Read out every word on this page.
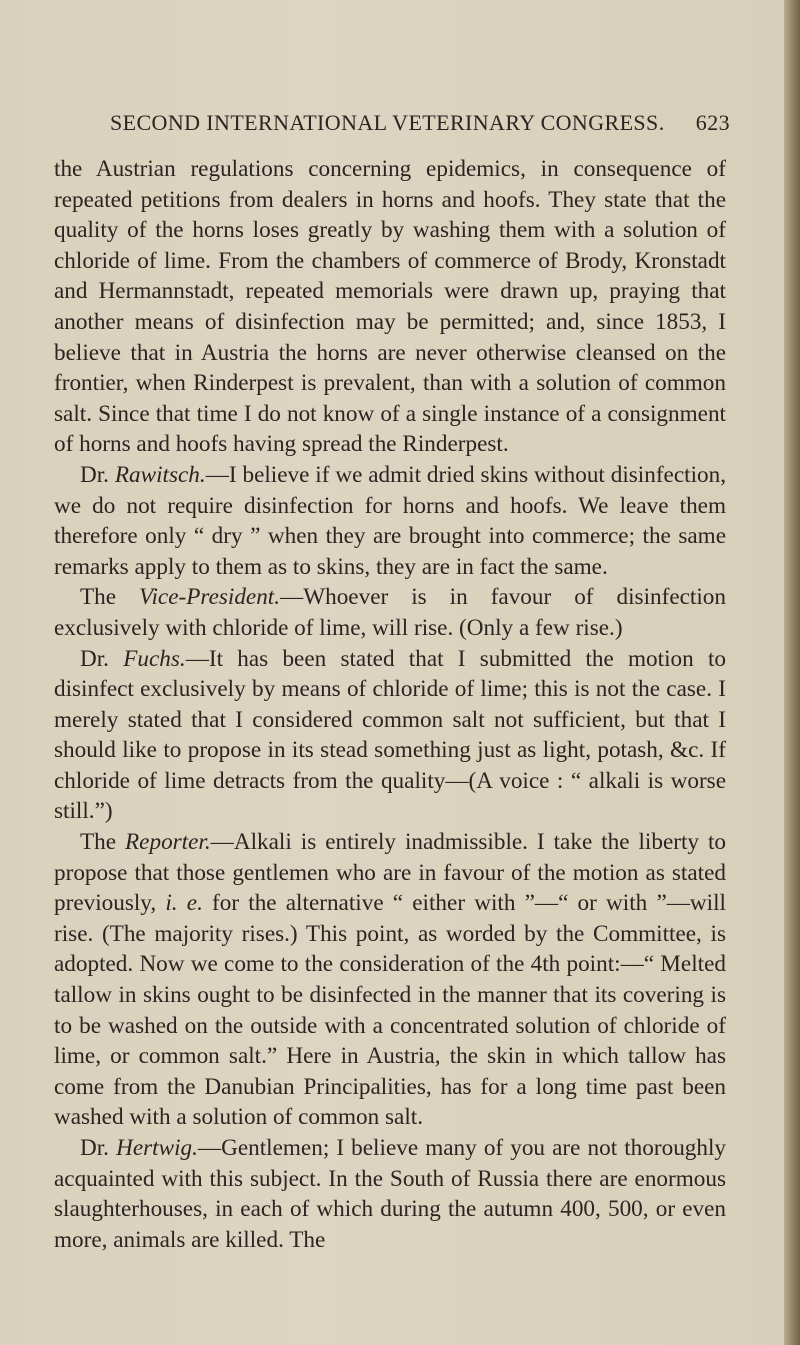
SECOND INTERNATIONAL VETERINARY CONGRESS. 623

the Austrian regulations concerning epidemics, in consequence of repeated petitions from dealers in horns and hoofs. They state that the quality of the horns loses greatly by washing them with a solution of chloride of lime. From the chambers of commerce of Brody, Kronstadt and Hermannstadt, repeated memorials were drawn up, praying that another means of disinfection may be permitted; and, since 1853, I believe that in Austria the horns are never otherwise cleansed on the frontier, when Rinderpest is prevalent, than with a solution of common salt. Since that time I do not know of a single instance of a consignment of horns and hoofs having spread the Rinderpest.

Dr. Rawitsch.—I believe if we admit dried skins without disinfection, we do not require disinfection for horns and hoofs. We leave them therefore only “ dry ” when they are brought into commerce; the same remarks apply to them as to skins, they are in fact the same.

The Vice-President.—Whoever is in favour of disinfection exclusively with chloride of lime, will rise. (Only a few rise.)

Dr. Fuchs.—It has been stated that I submitted the motion to disinfect exclusively by means of chloride of lime; this is not the case. I merely stated that I considered common salt not sufficient, but that I should like to propose in its stead something just as light, potash, &c. If chloride of lime detracts from the quality—(A voice : “ alkali is worse still.”)

The Reporter.—Alkali is entirely inadmissible. I take the liberty to propose that those gentlemen who are in favour of the motion as stated previously, i. e. for the alternative “ either with ”—“ or with ”—will rise. (The majority rises.) This point, as worded by the Committee, is adopted. Now we come to the consideration of the 4th point:—“ Melted tallow in skins ought to be disinfected in the manner that its covering is to be washed on the outside with a concentrated solution of chloride of lime, or common salt.” Here in Austria, the skin in which tallow has come from the Danubian Principalities, has for a long time past been washed with a solution of common salt.

Dr. Hertwig.—Gentlemen; I believe many of you are not thoroughly acquainted with this subject. In the South of Russia there are enormous slaughterhouses, in each of which during the autumn 400, 500, or even more, animals are killed. The
